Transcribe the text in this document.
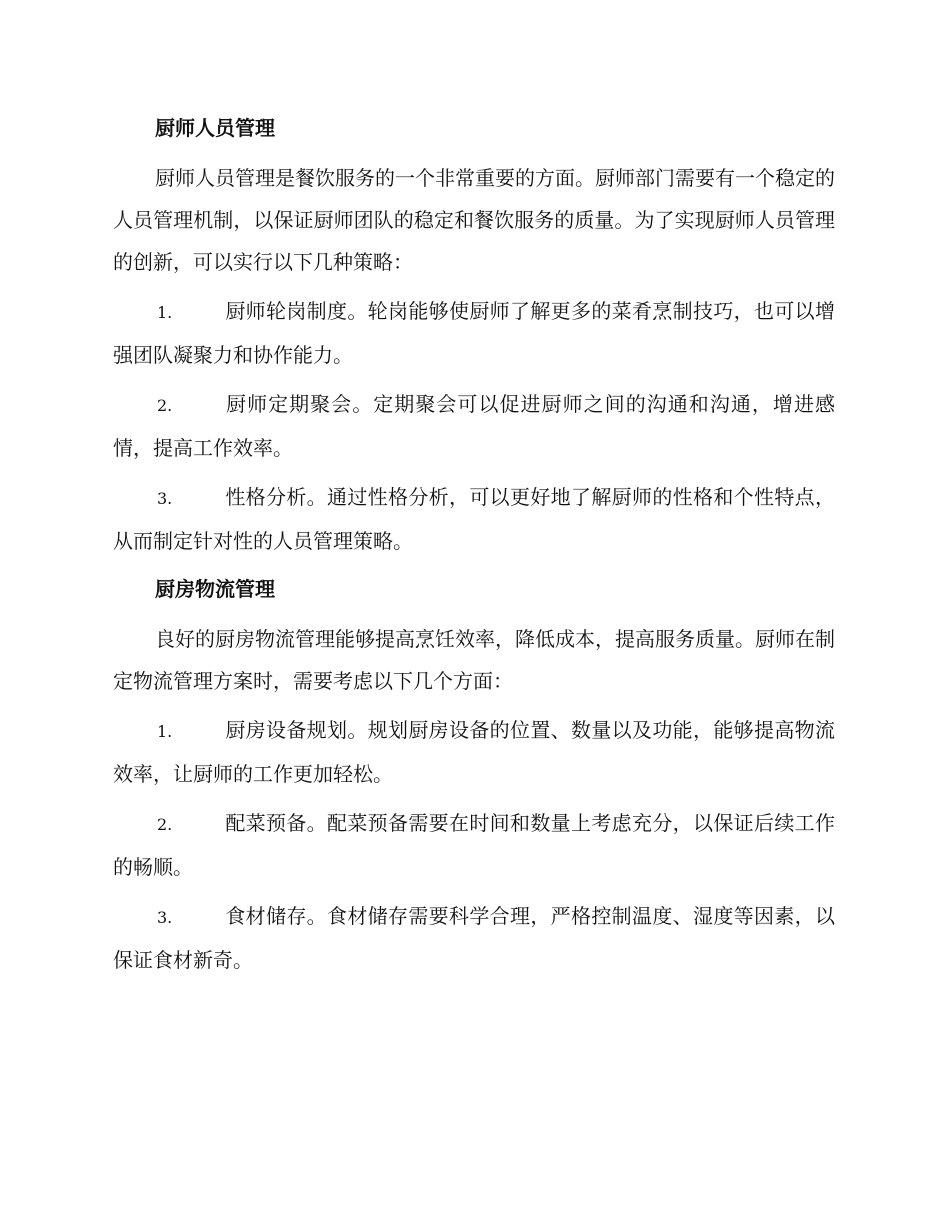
厨师人员管理

厨师人员管理是餐饮服务的一个非常重要的方面。厨师部门需要有一个稳定的人员管理机制，以保证厨师团队的稳定和餐饮服务的质量。为了实现厨师人员管理的创新，可以实行以下几种策略：

1.	厨师轮岗制度。轮岗能够使厨师了解更多的菜肴烹制技巧，也可以增强团队凝聚力和协作能力。

2.	厨师定期聚会。定期聚会可以促进厨师之间的沟通和沟通，增进感情，提高工作效率。

3.	性格分析。通过性格分析，可以更好地了解厨师的性格和个性特点，从而制定针对性的人员管理策略。

厨房物流管理

良好的厨房物流管理能够提高烹饪效率，降低成本，提高服务质量。厨师在制定物流管理方案时，需要考虑以下几个方面：

1.	厨房设备规划。规划厨房设备的位置、数量以及功能，能够提高物流效率，让厨师的工作更加轻松。

2.	配菜预备。配菜预备需要在时间和数量上考虑充分，以保证后续工作的畅顺。

3.	食材储存。食材储存需要科学合理，严格控制温度、湿度等因素，以保证食材新奇。
